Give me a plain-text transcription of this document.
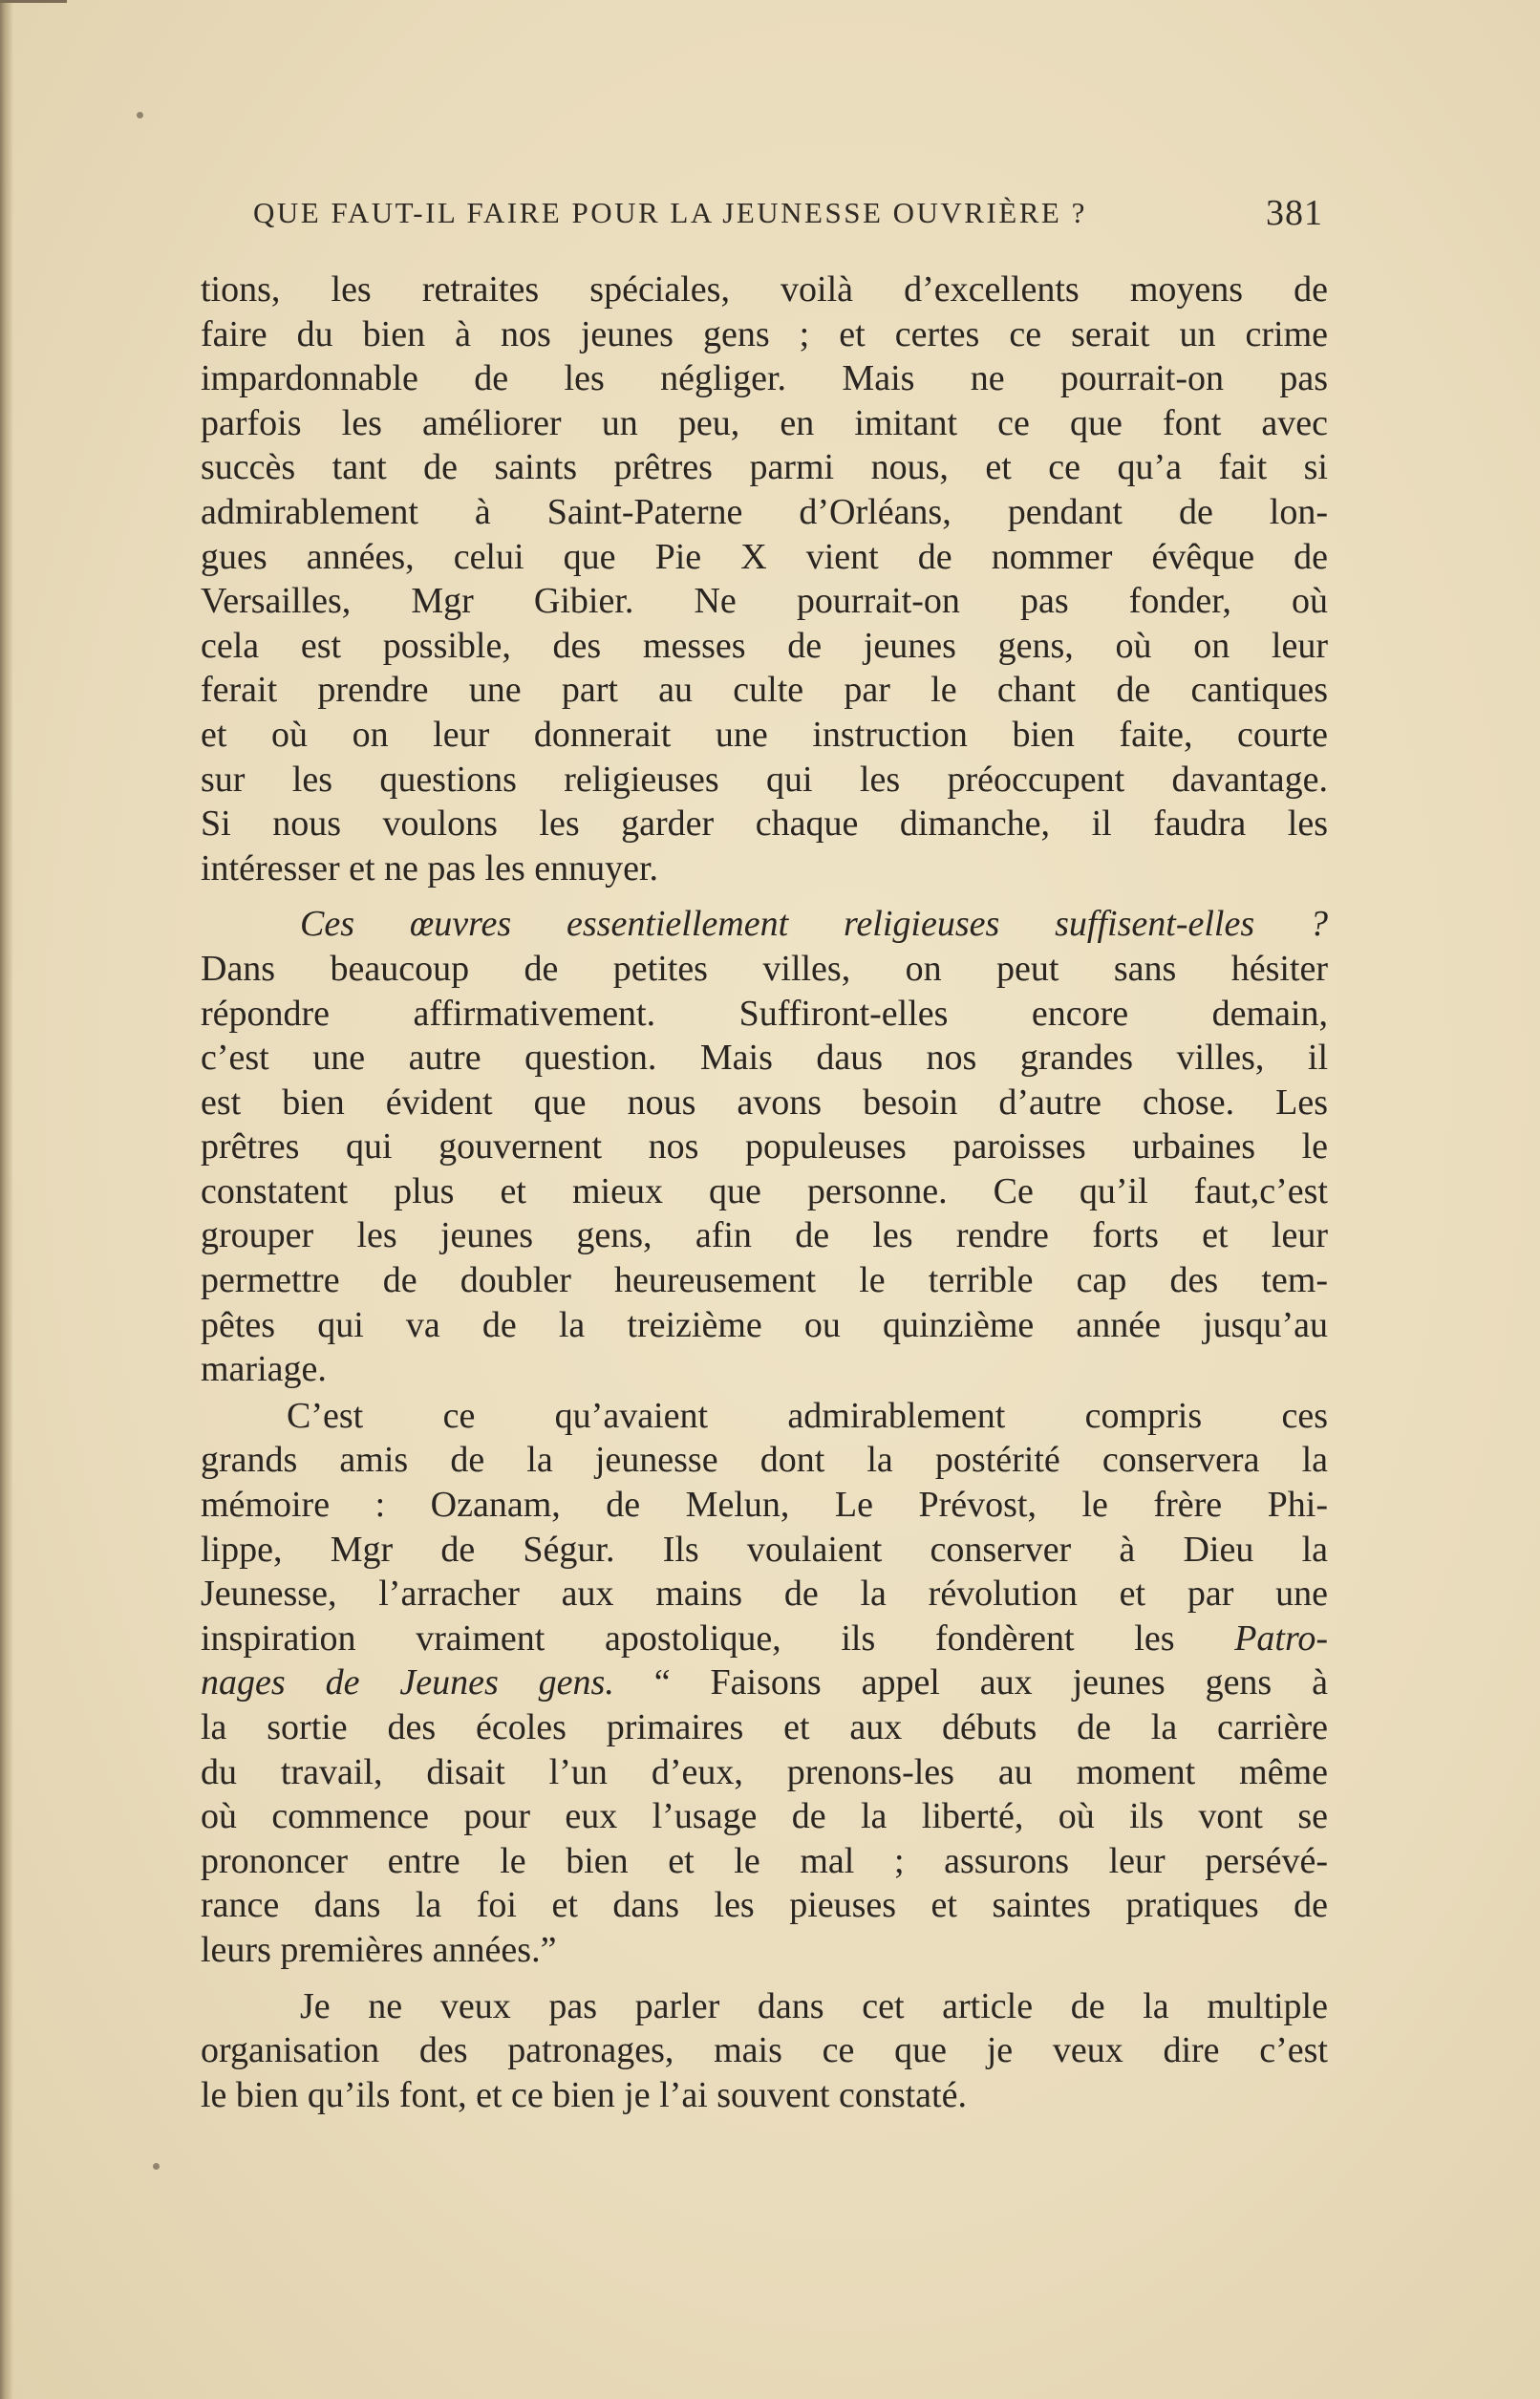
QUE FAUT-IL FAIRE POUR LA JEUNESSE OUVRIÈRE ?	381
tions, les retraites spéciales, voilà d’excellents moyens de
faire du bien à nos jeunes gens ; et certes ce serait un crime
impardonnable de les négliger. Mais ne pourrait-on pas
parfois les améliorer un peu, en imitant ce que font avec
succès tant de saints prêtres parmi nous, et ce qu’a fait si
admirablement à Saint-Paterne d’Orléans, pendant de lon-
gues années, celui que Pie X vient de nommer évêque de
Versailles, Mgr Gibier. Ne pourrait-on pas fonder, où
cela est possible, des messes de jeunes gens, où on leur
ferait prendre une part au culte par le chant de cantiques
et où on leur donnerait une instruction bien faite, courte
sur les questions religieuses qui les préoccupent davantage.
Si nous voulons les garder chaque dimanche, il faudra les
intéresser et ne pas les ennuyer.
Ces œuvres essentiellement religieuses suffisent-elles ?
Dans beaucoup de petites villes, on peut sans hésiter
répondre affirmativement. Suffiront-elles encore demain,
c’est une autre question. Mais daus nos grandes villes, il
est bien évident que nous avons besoin d’autre chose. Les
prêtres qui gouvernent nos populeuses paroisses urbaines le
constatent plus et mieux que personne. Ce qu’il faut,c’est
grouper les jeunes gens, afin de les rendre forts et leur
permettre de doubler heureusement le terrible cap des tem-
pêtes qui va de la treizième ou quinzième année jusqu’au
mariage.
C’est ce qu’avaient admirablement compris ces
grands amis de la jeunesse dont la postérité conservera la
mémoire : Ozanam, de Melun, Le Prévost, le frère Phi-
lippe, Mgr de Ségur. Ils voulaient conserver à Dieu la
Jeunesse, l’arracher aux mains de la révolution et par une
inspiration vraiment apostolique, ils fondèrent les Patro-
nages de Jeunes gens. “ Faisons appel aux jeunes gens à
la sortie des écoles primaires et aux débuts de la carrière
du travail, disait l’un d’eux, prenons-les au moment même
où commence pour eux l’usage de la liberté, où ils vont se
prononcer entre le bien et le mal ; assurons leur persévé-
rance dans la foi et dans les pieuses et saintes pratiques de
leurs premières années.”
Je ne veux pas parler dans cet article de la multiple
organisation des patronages, mais ce que je veux dire c’est
le bien qu’ils font, et ce bien je l’ai souvent constaté.
